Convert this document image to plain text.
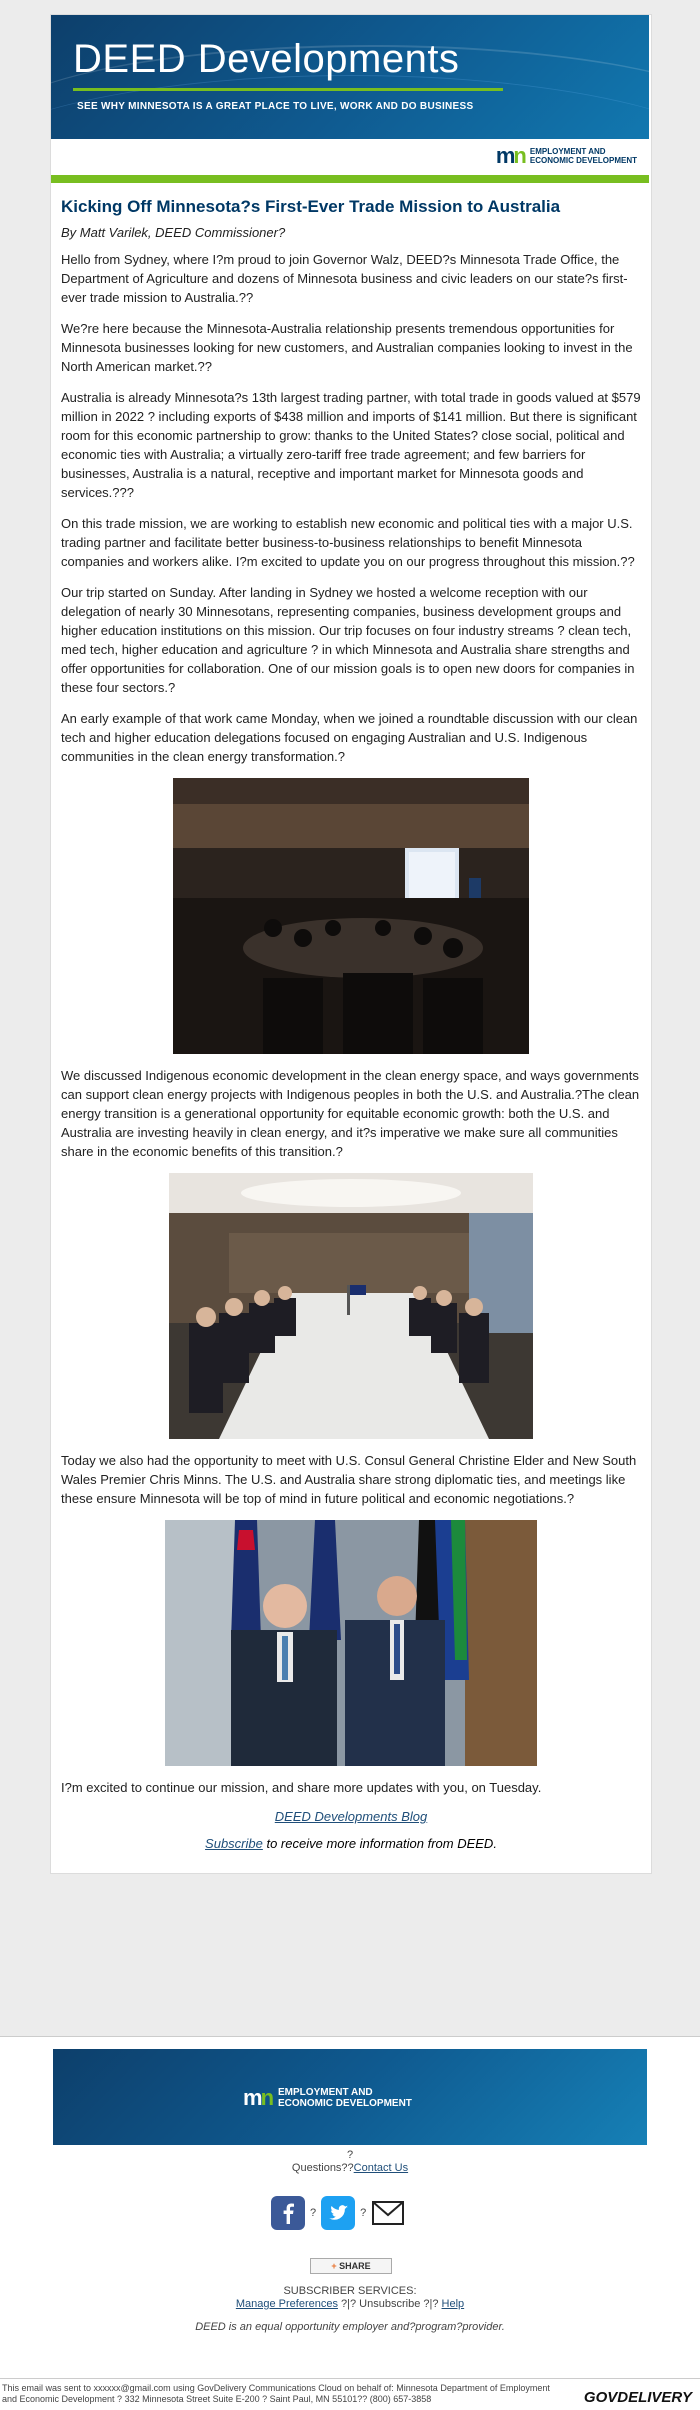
DEED Developments
SEE WHY MINNESOTA IS A GREAT PLACE TO LIVE, WORK AND DO BUSINESS
mn EMPLOYMENT AND
ECONOMIC DEVELOPMENT
Kicking Off Minnesota?s First-Ever Trade Mission to Australia
By Matt Varilek, DEED Commissioner?

Hello from Sydney, where I?m proud to join Governor Walz, DEED?s Minnesota Trade Office, the Department of Agriculture and dozens of Minnesota business and civic leaders on our state?s first-ever trade mission to Australia.??

We?re here because the Minnesota-Australia relationship presents tremendous opportunities for Minnesota businesses looking for new customers, and Australian companies looking to invest in the North American market.??

Australia is already Minnesota?s 13th largest trading partner, with total trade in goods valued at $579 million in 2022 ? including exports of $438 million and imports of $141 million. But there is significant room for this economic partnership to grow: thanks to the United States? close social, political and economic ties with Australia; a virtually zero-tariff free trade agreement; and few barriers for businesses, Australia is a natural, receptive and important market for Minnesota goods and services.???

On this trade mission, we are working to establish new economic and political ties with a major U.S. trading partner and facilitate better business-to-business relationships to benefit Minnesota companies and workers alike. I?m excited to update you on our progress throughout this mission.??

Our trip started on Sunday. After landing in Sydney we hosted a welcome reception with our delegation of nearly 30 Minnesotans, representing companies, business development groups and higher education institutions on this mission. Our trip focuses on four industry streams ? clean tech, med tech, higher education and agriculture ? in which Minnesota and Australia share strengths and offer opportunities for collaboration. One of our mission goals is to open new doors for companies in these four sectors.?

An early example of that work came Monday, when we joined a roundtable discussion with our clean tech and higher education delegations focused on engaging Australian and U.S. Indigenous communities in the clean energy transformation.?

We discussed Indigenous economic development in the clean energy space, and ways governments can support clean energy projects with Indigenous peoples in both the U.S. and Australia.?The clean energy transition is a generational opportunity for equitable economic growth: both the U.S. and Australia are investing heavily in clean energy, and it?s imperative we make sure all communities share in the economic benefits of this transition.?

Today we also had the opportunity to meet with U.S. Consul General Christine Elder and New South Wales Premier Chris Minns. The U.S. and Australia share strong diplomatic ties, and meetings like these ensure Minnesota will be top of mind in future political and economic negotiations.?

I?m excited to continue our mission, and share more updates with you, on Tuesday.

DEED Developments Blog
Subscribe to receive more information from DEED.
mn EMPLOYMENT AND
ECONOMIC DEVELOPMENT
?
Questions??Contact Us
?	?
+ SHARE
SUBSCRIBER SERVICES:
Manage Preferences ?|? Unsubscribe ?|? Help
DEED is an equal opportunity employer and?program?provider.
This email was sent to xxxxxx@gmail.com using GovDelivery Communications Cloud on behalf of: Minnesota Department of Employment and Economic Development ? 332 Minnesota Street Suite E-200 ? Saint Paul, MN 55101?? (800) 657-3858	GOVDELIVERY
